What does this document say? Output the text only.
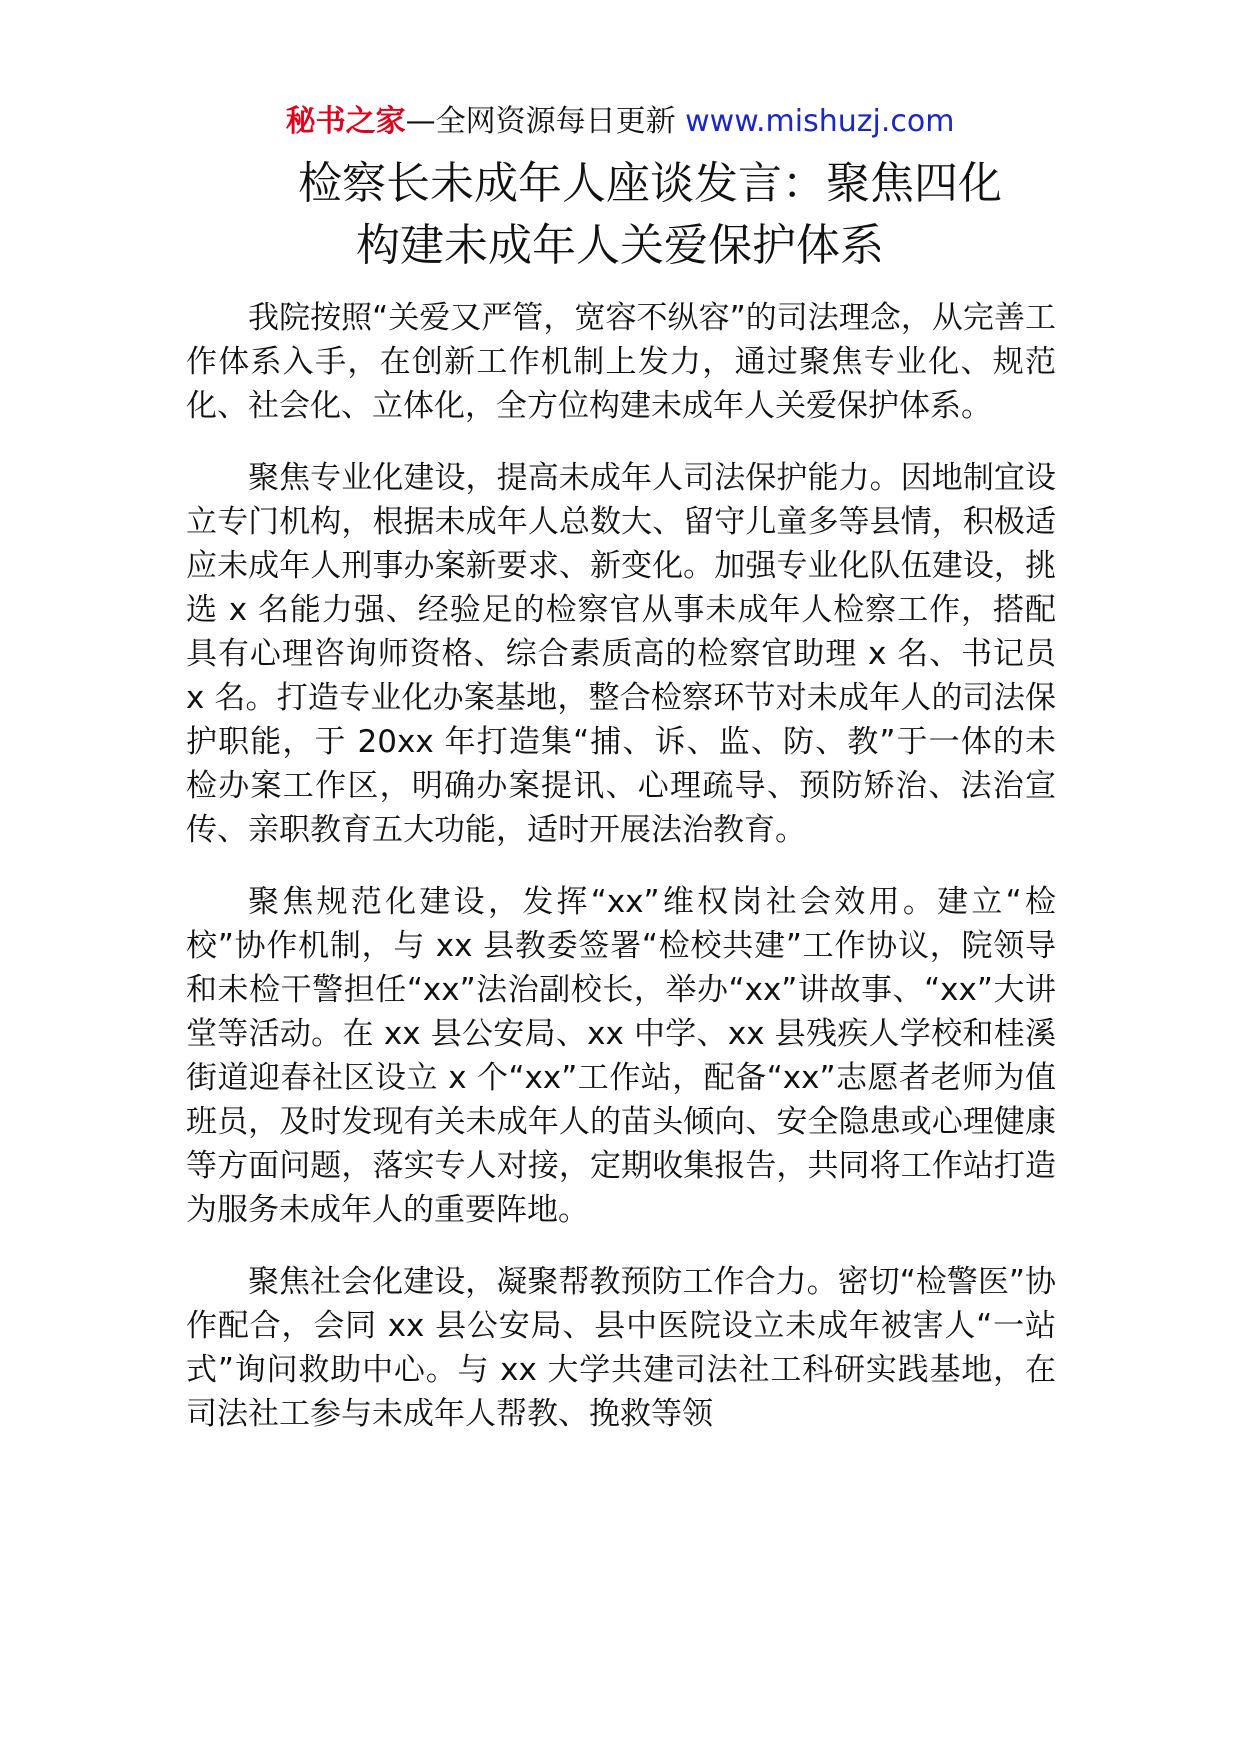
秘书之家—全网资源每日更新 www.mishuzj.com
检察长未成年人座谈发言：聚焦四化
构建未成年人关爱保护体系

我院按照“关爱又严管，宽容不纵容”的司法理念，从完善工作体系入手，在创新工作机制上发力，通过聚焦专业化、规范化、社会化、立体化，全方位构建未成年人关爱保护体系。

聚焦专业化建设，提高未成年人司法保护能力。因地制宜设立专门机构，根据未成年人总数大、留守儿童多等县情，积极适应未成年人刑事办案新要求、新变化。加强专业化队伍建设，挑选 x 名能力强、经验足的检察官从事未成年人检察工作，搭配具有心理咨询师资格、综合素质高的检察官助理 x 名、书记员 x 名。打造专业化办案基地，整合检察环节对未成年人的司法保护职能，于 20xx 年打造集“捕、诉、监、防、教”于一体的未检办案工作区，明确办案提讯、心理疏导、预防矫治、法治宣传、亲职教育五大功能，适时开展法治教育。

聚焦规范化建设，发挥“xx”维权岗社会效用。建立“检校”协作机制，与 xx 县教委签署“检校共建”工作协议，院领导和未检干警担任“xx”法治副校长，举办“xx”讲故事、“xx”大讲堂等活动。在 xx 县公安局、xx 中学、xx 县残疾人学校和桂溪街道迎春社区设立 x 个“xx”工作站，配备“xx”志愿者老师为值班员，及时发现有关未成年人的苗头倾向、安全隐患或心理健康等方面问题，落实专人对接，定期收集报告，共同将工作站打造为服务未成年人的重要阵地。

聚焦社会化建设，凝聚帮教预防工作合力。密切“检警医”协作配合，会同 xx 县公安局、县中医院设立未成年被害人“一站式”询问救助中心。与 xx 大学共建司法社工科研实践基地，在司法社工参与未成年人帮教、挽救等领
